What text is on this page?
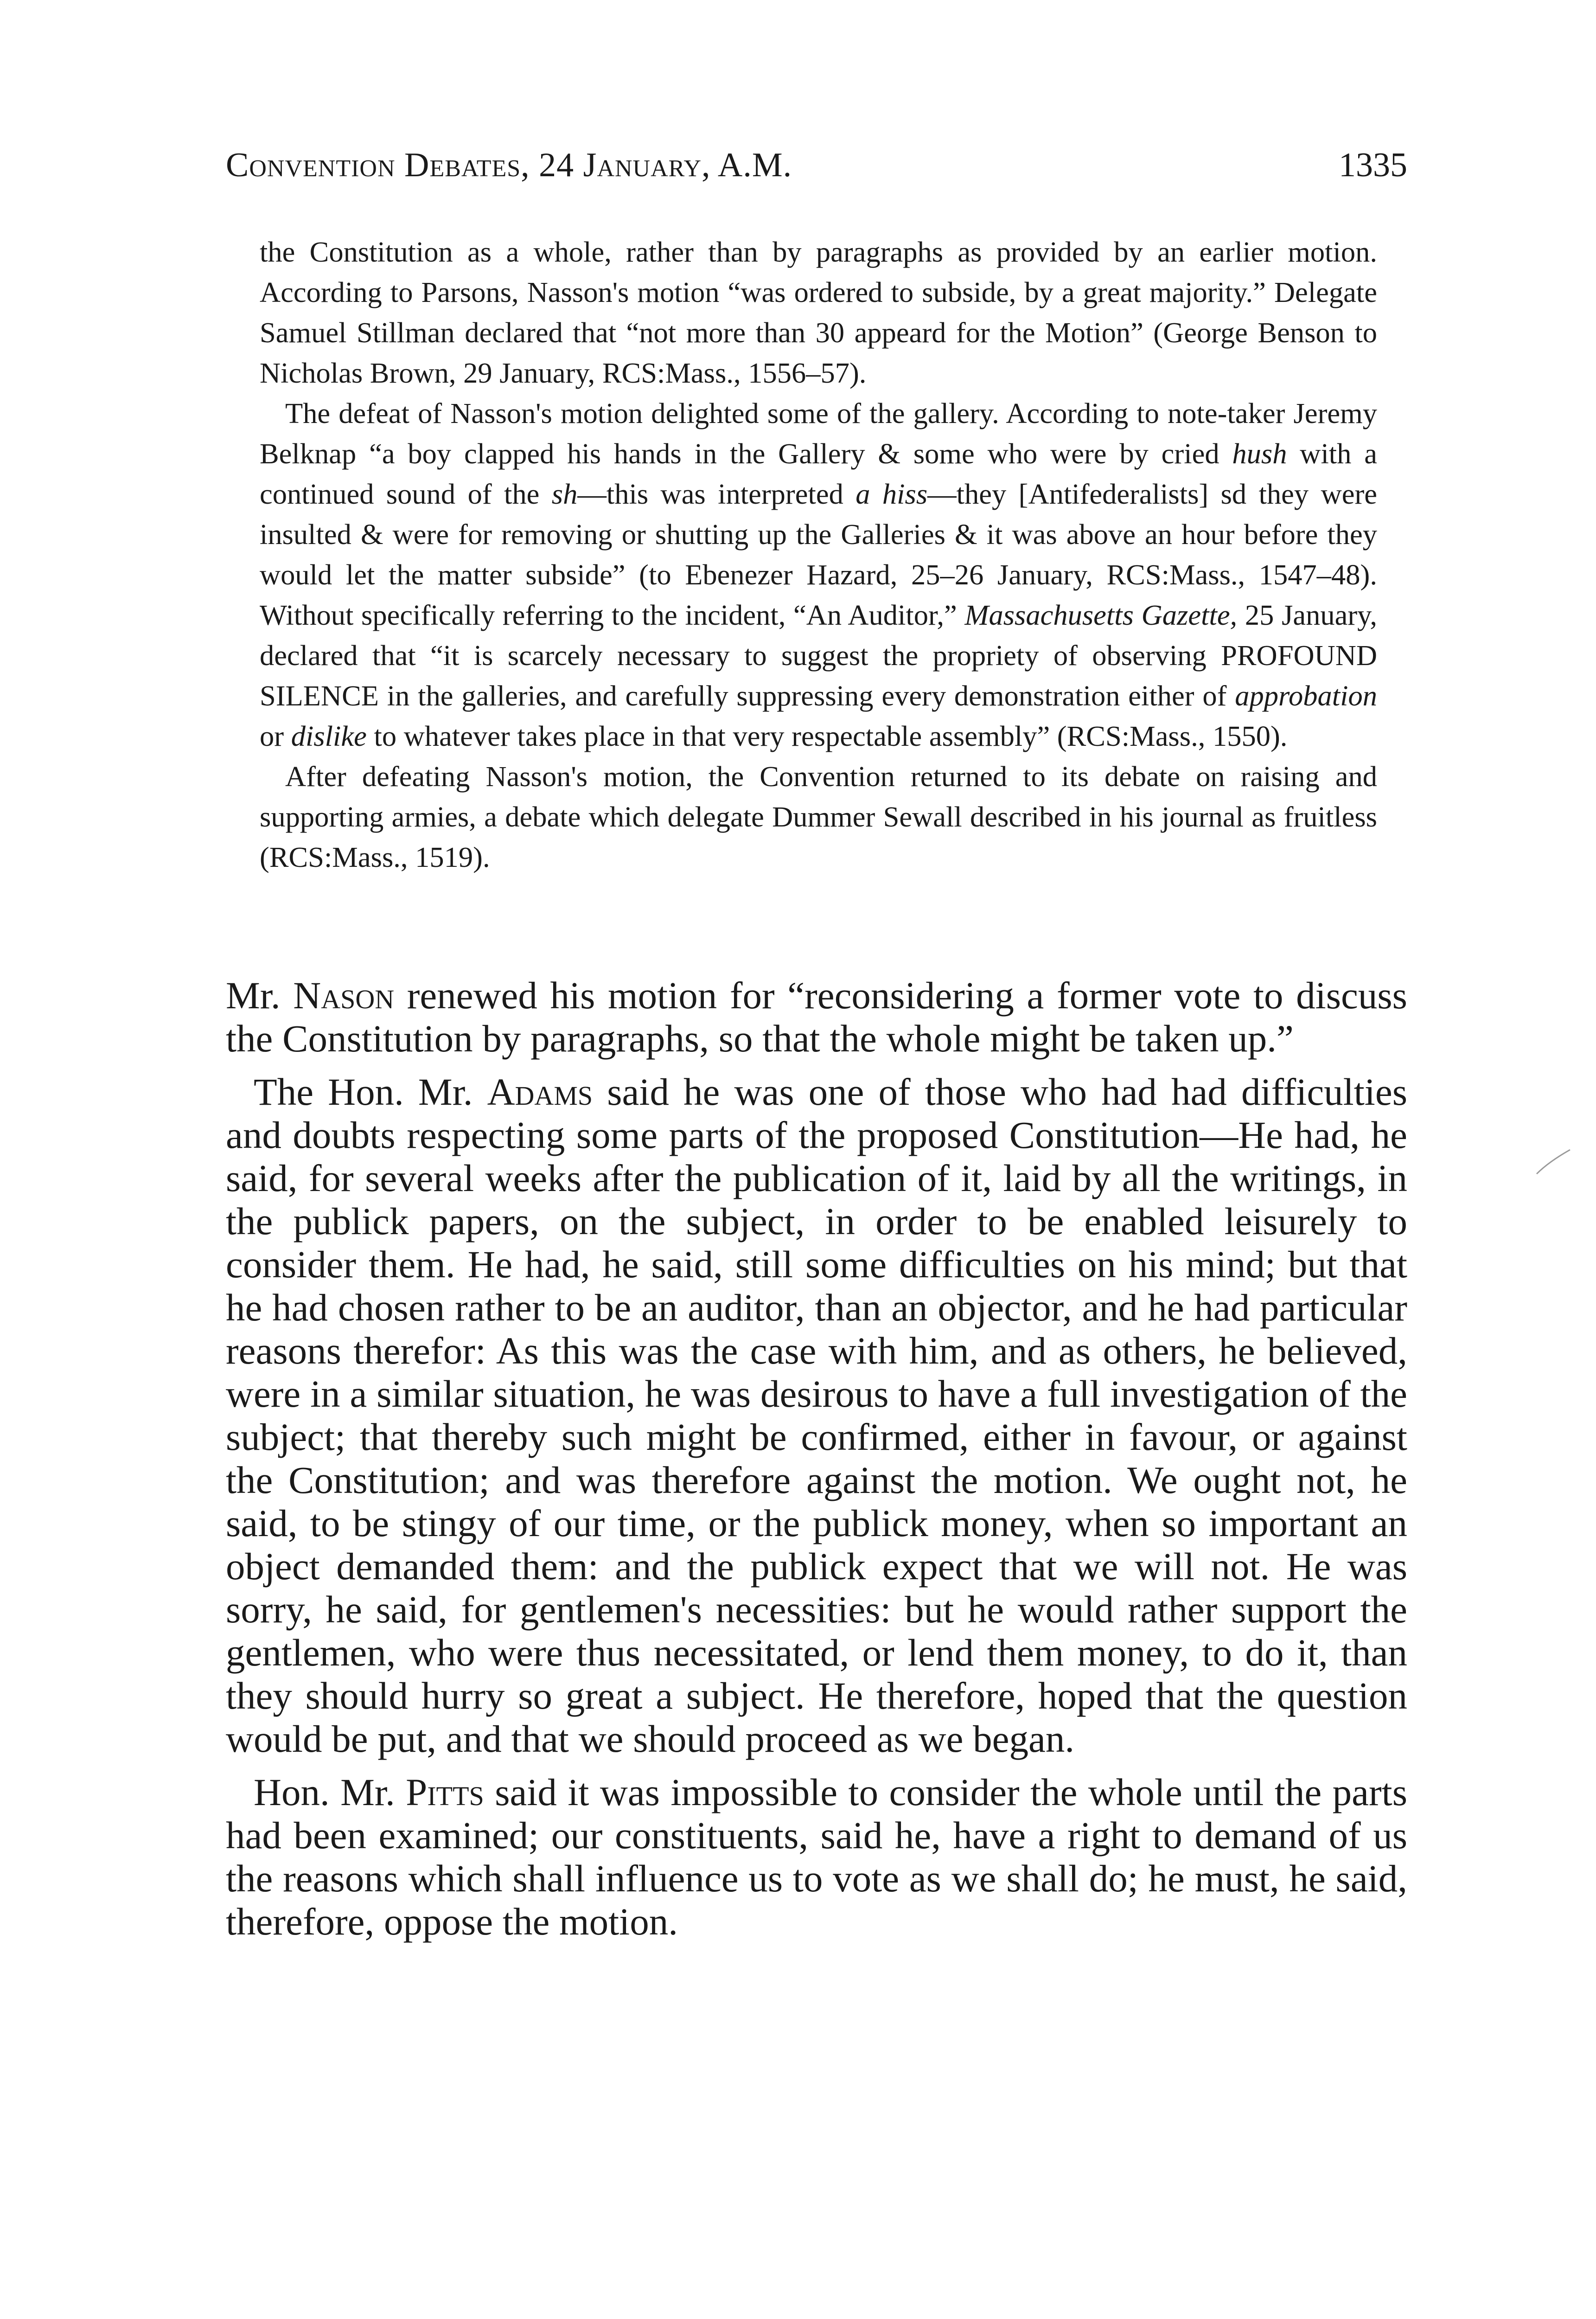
Convention Debates, 24 January, A.M.	1335

the Constitution as a whole, rather than by paragraphs as provided by an earlier motion. According to Parsons, Nasson's motion “was ordered to subside, by a great majority.” Delegate Samuel Stillman declared that “not more than 30 appeard for the Motion” (George Benson to Nicholas Brown, 29 January, RCS:Mass., 1556–57).

The defeat of Nasson's motion delighted some of the gallery. According to note-taker Jeremy Belknap “a boy clapped his hands in the Gallery & some who were by cried hush with a continued sound of the sh—this was interpreted a hiss—they [Antifederalists] sd they were insulted & were for removing or shutting up the Galleries & it was above an hour before they would let the matter subside” (to Ebenezer Hazard, 25–26 January, RCS:Mass., 1547–48). Without specifically referring to the incident, “An Auditor,” Massachusetts Gazette, 25 January, declared that “it is scarcely necessary to suggest the propriety of observing PROFOUND SILENCE in the galleries, and carefully suppressing every demonstration either of approbation or dislike to whatever takes place in that very respectable assembly” (RCS:Mass., 1550).

After defeating Nasson's motion, the Convention returned to its debate on raising and supporting armies, a debate which delegate Dummer Sewall described in his journal as fruitless (RCS:Mass., 1519).

Mr. Nason renewed his motion for “reconsidering a former vote to discuss the Constitution by paragraphs, so that the whole might be taken up.”

The Hon. Mr. Adams said he was one of those who had had difficulties and doubts respecting some parts of the proposed Constitution—He had, he said, for several weeks after the publication of it, laid by all the writings, in the publick papers, on the subject, in order to be enabled leisurely to consider them. He had, he said, still some difficulties on his mind; but that he had chosen rather to be an auditor, than an objector, and he had particular reasons therefor: As this was the case with him, and as others, he believed, were in a similar situation, he was desirous to have a full investigation of the subject; that thereby such might be confirmed, either in favour, or against the Constitution; and was therefore against the motion. We ought not, he said, to be stingy of our time, or the publick money, when so important an object demanded them: and the publick expect that we will not. He was sorry, he said, for gentlemen's necessities: but he would rather support the gentlemen, who were thus necessitated, or lend them money, to do it, than they should hurry so great a subject. He therefore, hoped that the question would be put, and that we should proceed as we began.

Hon. Mr. Pitts said it was impossible to consider the whole until the parts had been examined; our constituents, said he, have a right to demand of us the reasons which shall influence us to vote as we shall do; he must, he said, therefore, oppose the motion.
